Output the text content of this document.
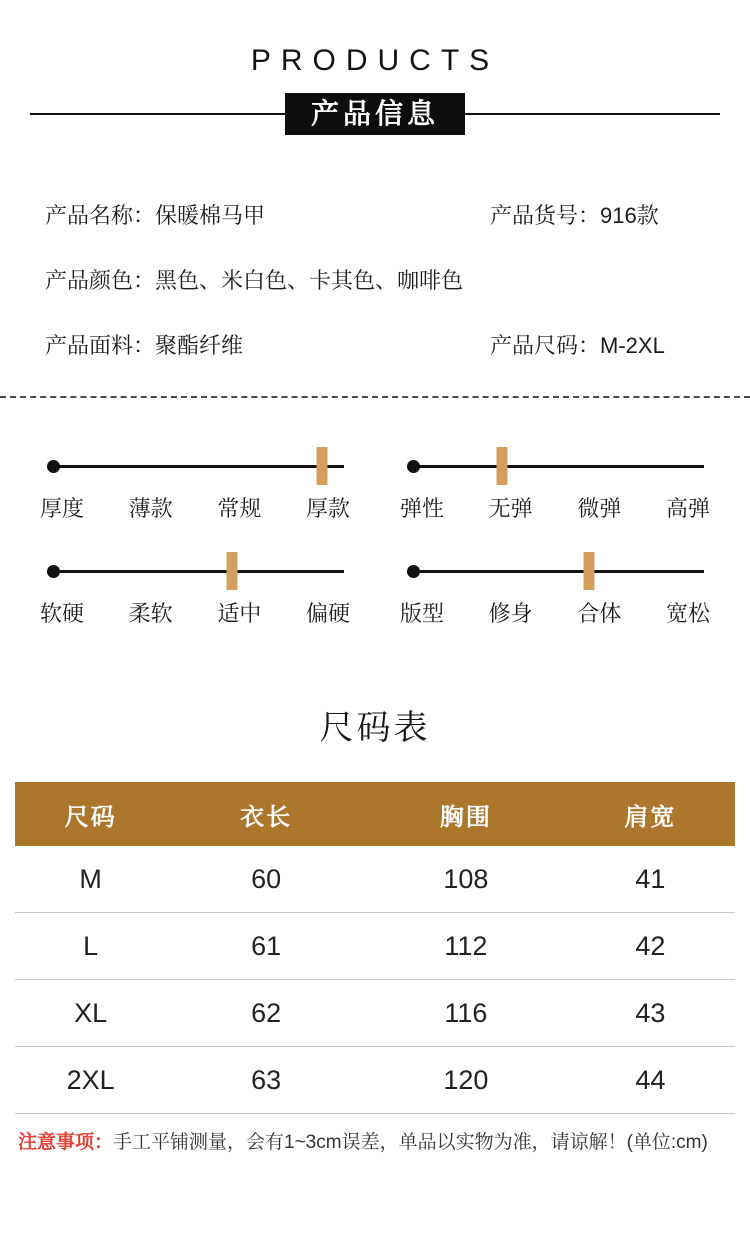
PRODUCTS
产品信息
产品名称：保暖棉马甲	产品货号：916款
产品颜色：黑色、米白色、卡其色、咖啡色
产品面料：聚酯纤维	产品尺码：M-2XL
厚度 薄款 常规 厚款 弹性 无弹 微弹 高弹
软硬 柔软 适中 偏硬 版型 修身 合体 宽松
尺码表
尺码	衣长	胸围	肩宽
M	60	108	41
L	61	112	42
XL	62	116	43
2XL	63	120	44
注意事项：手工平铺测量，会有1~3cm误差，单品以实物为准，请谅解！(单位:cm)
